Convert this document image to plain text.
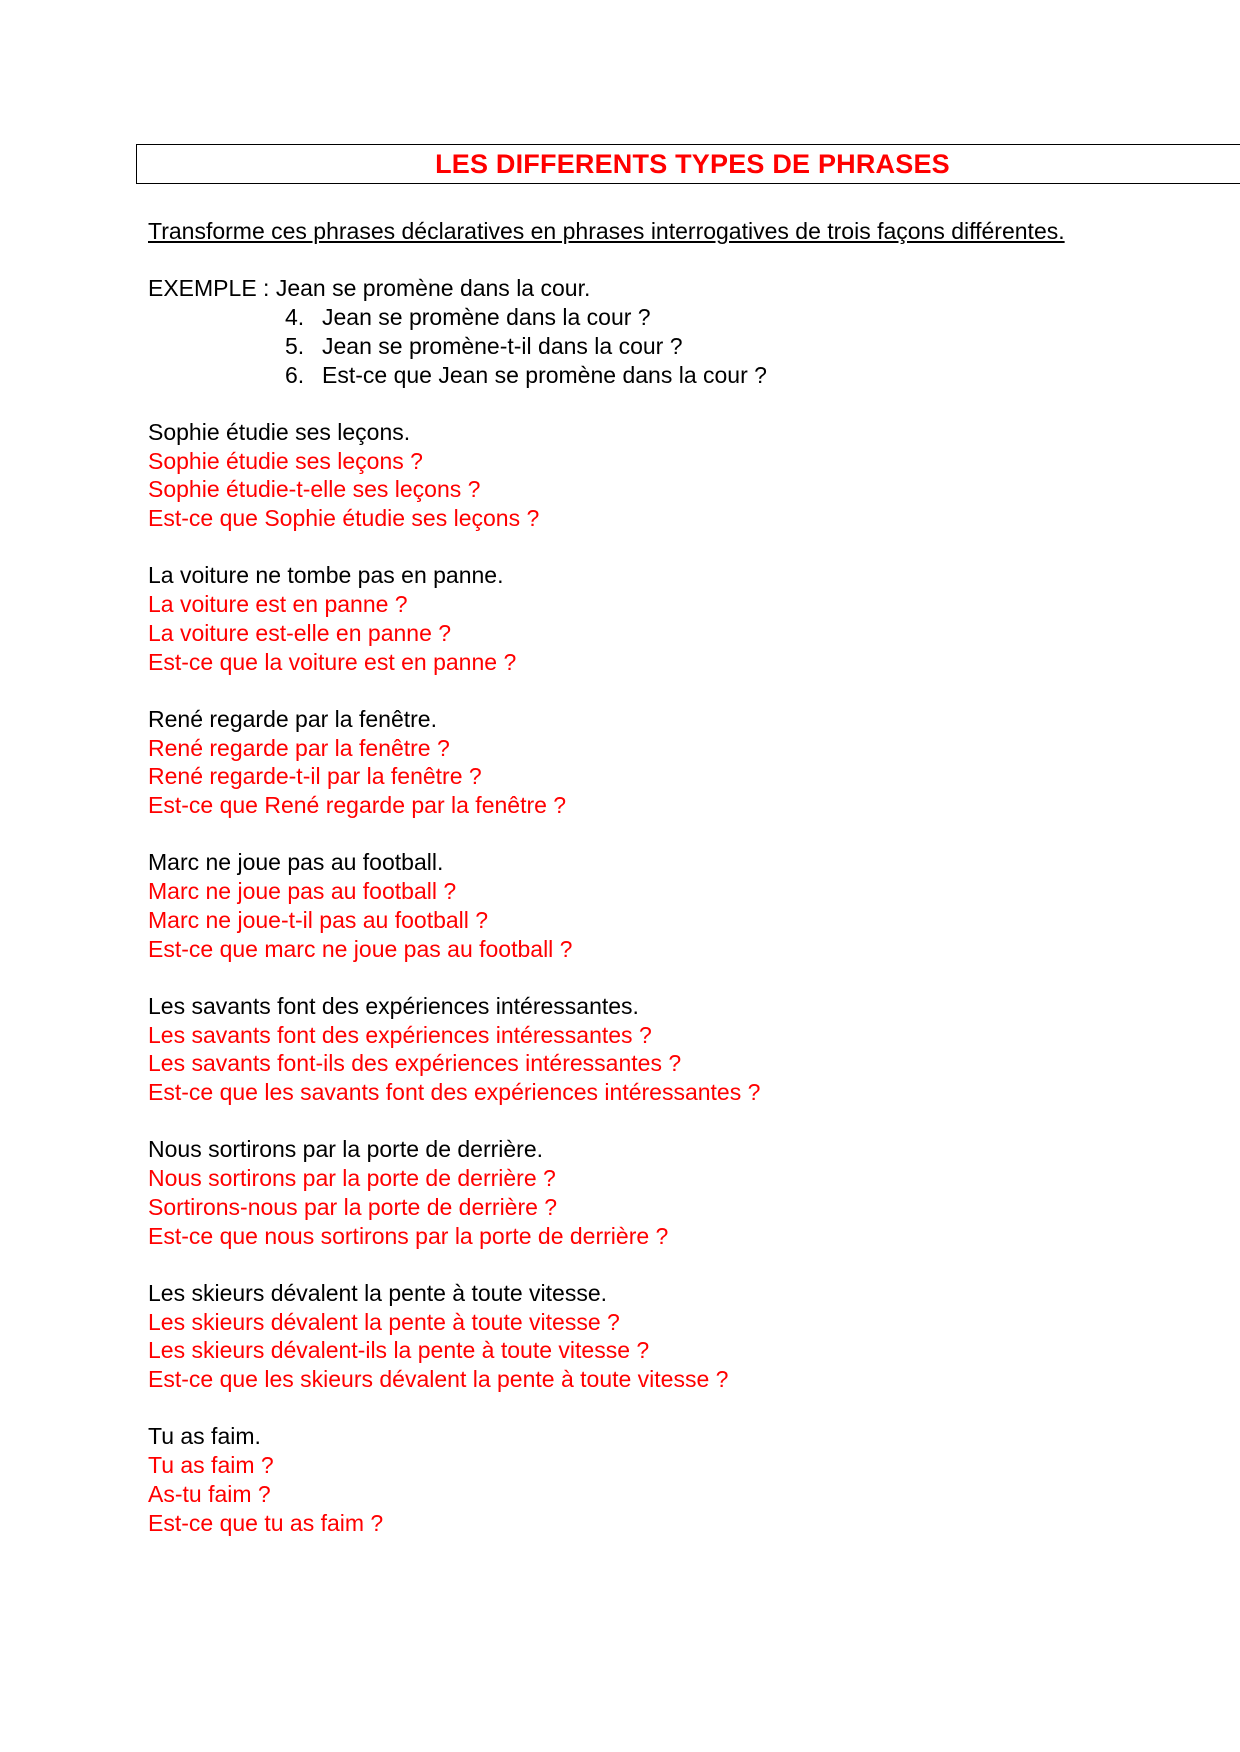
LES DIFFERENTS TYPES DE PHRASES

Transforme ces phrases déclaratives en phrases interrogatives de trois façons différentes.

EXEMPLE : Jean se promène dans la cour.

4. Jean se promène dans la cour ?
5. Jean se promène-t-il dans la cour ?
6. Est-ce que Jean se promène dans la cour ?

Sophie étudie ses leçons.

Sophie étudie ses leçons ?

Sophie étudie-t-elle ses leçons ?

Est-ce que Sophie étudie ses leçons ?

La voiture ne tombe pas en panne.

La voiture est en panne ?

La voiture est-elle en panne ?

Est-ce que la voiture est en panne ?

René regarde par la fenêtre.

René regarde par la fenêtre ?

René regarde-t-il par la fenêtre ?

Est-ce que René regarde par la fenêtre ?

Marc ne joue pas au football.

Marc ne joue pas au football ?

Marc ne joue-t-il pas au football ?

Est-ce que marc ne joue pas au football ?

Les savants font des expériences intéressantes.

Les savants font des expériences intéressantes ?

Les savants font-ils des expériences intéressantes ?

Est-ce que les savants font des expériences intéressantes ?

Nous sortirons par la porte de derrière.

Nous sortirons par la porte de derrière ?

Sortirons-nous par la porte de derrière ?

Est-ce que nous sortirons par la porte de derrière ?

Les skieurs dévalent la pente à toute vitesse.

Les skieurs dévalent la pente à toute vitesse ?

Les skieurs dévalent-ils la pente à toute vitesse ?

Est-ce que les skieurs dévalent la pente à toute vitesse ?

Tu as faim.

Tu as faim ?

As-tu faim ?

Est-ce que tu as faim ?
